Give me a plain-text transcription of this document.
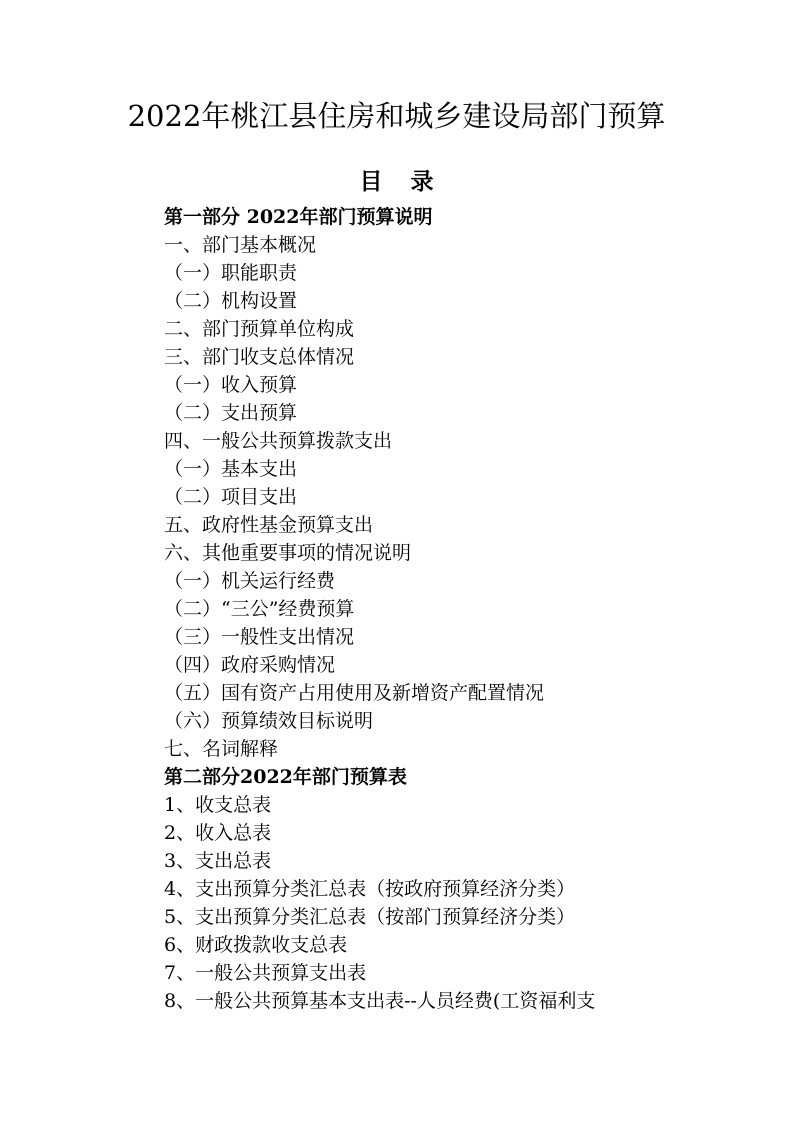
2022年桃江县住房和城乡建设局部门预算
目 录
第一部分 2022年部门预算说明
一、部门基本概况
（一）职能职责
（二）机构设置
二、部门预算单位构成
三、部门收支总体情况
（一）收入预算
（二）支出预算
四、一般公共预算拨款支出
（一）基本支出
（二）项目支出
五、政府性基金预算支出
六、其他重要事项的情况说明
（一）机关运行经费
（二）“三公”经费预算
（三）一般性支出情况
（四）政府采购情况
（五）国有资产占用使用及新增资产配置情况
（六）预算绩效目标说明
七、名词解释
第二部分2022年部门预算表
1、收支总表
2、收入总表
3、支出总表
4、支出预算分类汇总表（按政府预算经济分类）
5、支出预算分类汇总表（按部门预算经济分类）
6、财政拨款收支总表
7、一般公共预算支出表
8、一般公共预算基本支出表--人员经费(工资福利支
